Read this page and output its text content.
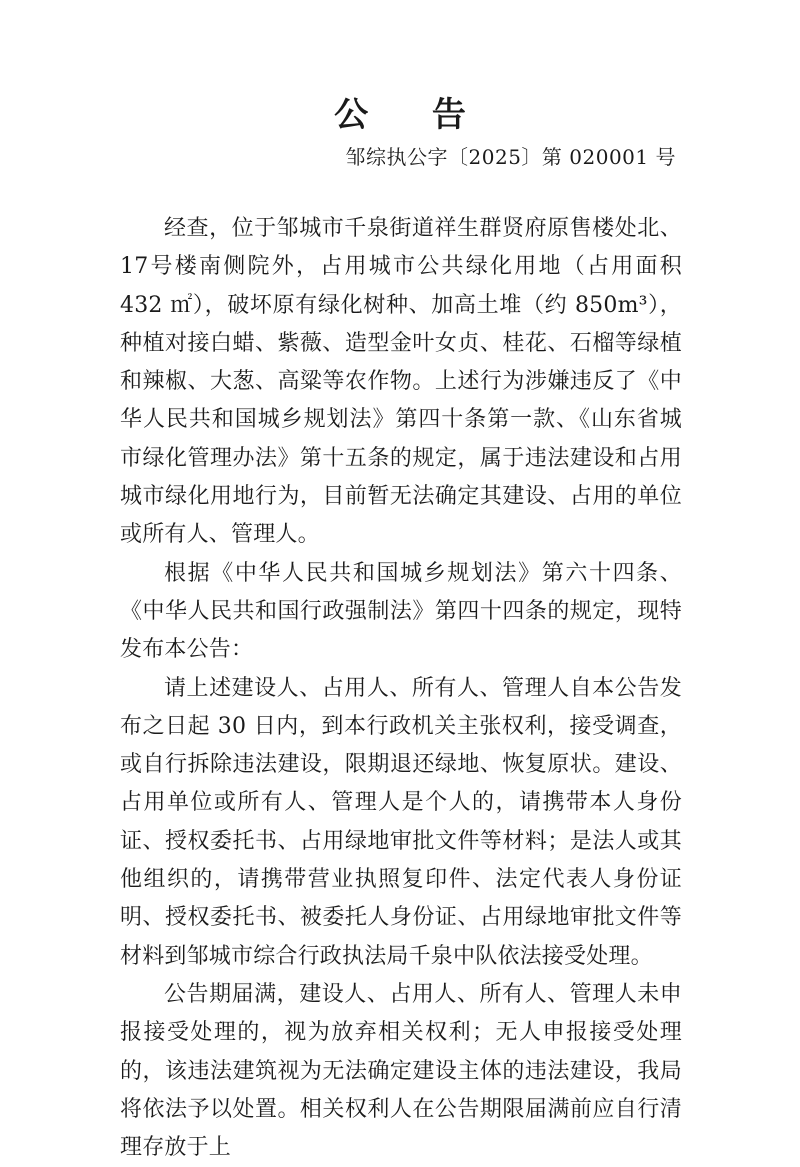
公 告
邹综执公字〔2025〕第 020001 号

经查，位于邹城市千泉街道祥生群贤府原售楼处北、17号楼南侧院外，占用城市公共绿化用地（占用面积 432 ㎡），破坏原有绿化树种、加高土堆（约 850m³），种植对接白蜡、紫薇、造型金叶女贞、桂花、石榴等绿植和辣椒、大葱、高粱等农作物。上述行为涉嫌违反了《中华人民共和国城乡规划法》第四十条第一款、《山东省城市绿化管理办法》第十五条的规定，属于违法建设和占用城市绿化用地行为，目前暂无法确定其建设、占用的单位或所有人、管理人。

根据《中华人民共和国城乡规划法》第六十四条、《中华人民共和国行政强制法》第四十四条的规定，现特发布本公告：

请上述建设人、占用人、所有人、管理人自本公告发布之日起 30 日内，到本行政机关主张权利，接受调查，或自行拆除违法建设，限期退还绿地、恢复原状。建设、占用单位或所有人、管理人是个人的，请携带本人身份证、授权委托书、占用绿地审批文件等材料；是法人或其他组织的，请携带营业执照复印件、法定代表人身份证明、授权委托书、被委托人身份证、占用绿地审批文件等材料到邹城市综合行政执法局千泉中队依法接受处理。

公告期届满，建设人、占用人、所有人、管理人未申报接受处理的，视为放弃相关权利；无人申报接受处理的，该违法建筑视为无法确定建设主体的违法建设，我局将依法予以处置。相关权利人在公告期限届满前应自行清理存放于上
